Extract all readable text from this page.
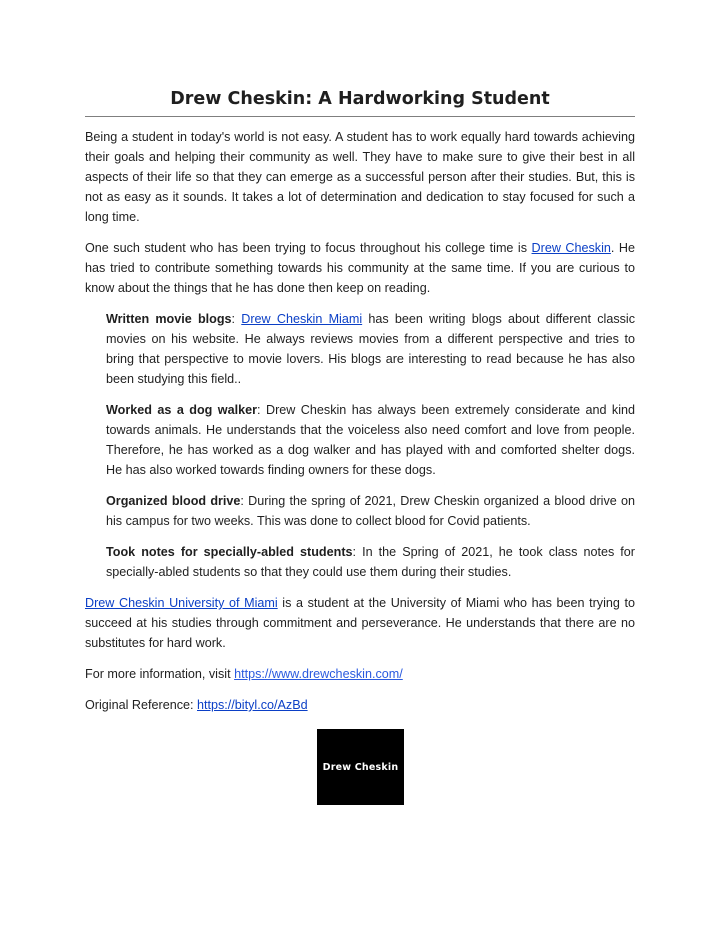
Drew Cheskin: A Hardworking Student

Being a student in today's world is not easy. A student has to work equally hard towards achieving their goals and helping their community as well. They have to make sure to give their best in all aspects of their life so that they can emerge as a successful person after their studies. But, this is not as easy as it sounds. It takes a lot of determination and dedication to stay focused for such a long time.

One such student who has been trying to focus throughout his college time is Drew Cheskin. He has tried to contribute something towards his community at the same time. If you are curious to know about the things that he has done then keep on reading.

Written movie blogs: Drew Cheskin Miami has been writing blogs about different classic movies on his website. He always reviews movies from a different perspective and tries to bring that perspective to movie lovers. His blogs are interesting to read because he has also been studying this field..

Worked as a dog walker: Drew Cheskin has always been extremely considerate and kind towards animals. He understands that the voiceless also need comfort and love from people. Therefore, he has worked as a dog walker and has played with and comforted shelter dogs. He has also worked towards finding owners for these dogs.

Organized blood drive: During the spring of 2021, Drew Cheskin organized a blood drive on his campus for two weeks. This was done to collect blood for Covid patients.

Took notes for specially-abled students: In the Spring of 2021, he took class notes for specially-abled students so that they could use them during their studies.

Drew Cheskin University of Miami is a student at the University of Miami who has been trying to succeed at his studies through commitment and perseverance. He understands that there are no substitutes for hard work.

For more information, visit https://www.drewcheskin.com/

Original Reference: https://bityl.co/AzBd

Drew Cheskin
